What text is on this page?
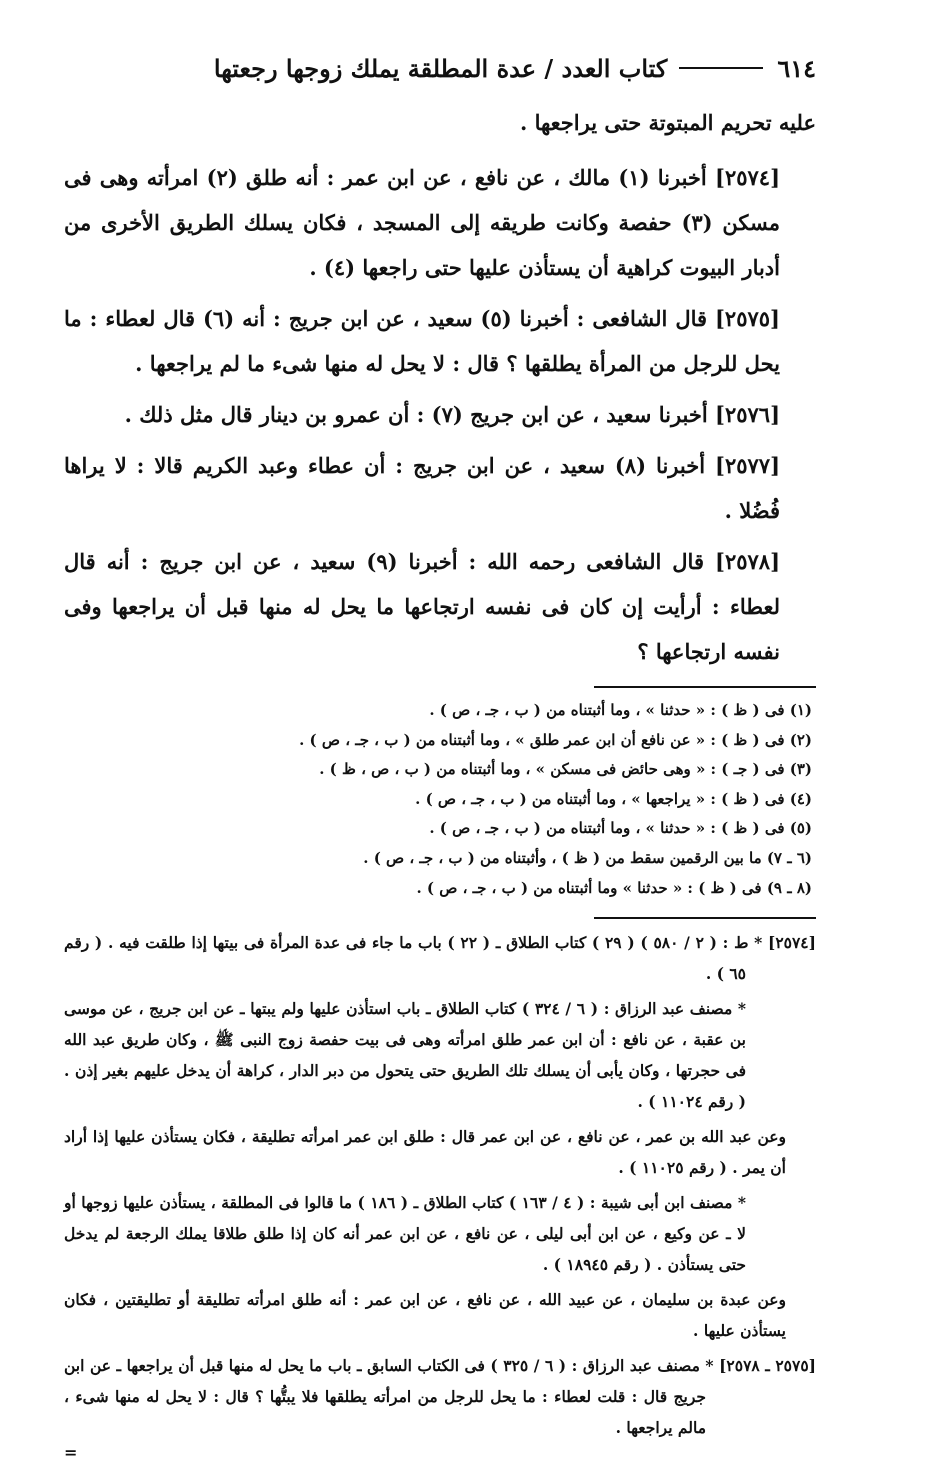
٦١٤
كتاب العدد / عدة المطلقة يملك زوجها رجعتها

عليه تحريم المبتوتة حتى يراجعها .

[٢٥٧٤] أخبرنا (١) مالك ، عن نافع ، عن ابن عمر : أنه طلق (٢) امرأته وهى فى مسكن (٣) حفصة وكانت طريقه إلى المسجد ، فكان يسلك الطريق الأخرى من أدبار البيوت كراهية أن يستأذن عليها حتى راجعها (٤) .

[٢٥٧٥] قال الشافعى : أخبرنا (٥) سعيد ، عن ابن جريج : أنه (٦) قال لعطاء : ما يحل للرجل من المرأة يطلقها ؟ قال : لا يحل له منها شىء ما لم يراجعها .

[٢٥٧٦] أخبرنا سعيد ، عن ابن جريج (٧) : أن عمرو بن دينار قال مثل ذلك .

[٢٥٧٧] أخبرنا (٨) سعيد ، عن ابن جريج : أن عطاء وعبد الكريم قالا : لا يراها فُضُلا .

[٢٥٧٨] قال الشافعى رحمه الله : أخبرنا (٩) سعيد ، عن ابن جريج : أنه قال لعطاء : أرأيت إن كان فى نفسه ارتجاعها ما يحل له منها قبل أن يراجعها وفى نفسه ارتجاعها ؟

(١) فى ( ظ ) : « حدثنا » ، وما أثبتناه من ( ب ، جـ ، ص ) .
(٢) فى ( ظ ) : « عن نافع أن ابن عمر طلق » ، وما أثبتناه من ( ب ، جـ ، ص ) .
(٣) فى ( جـ ) : « وهى حائض فى مسكن » ، وما أثبتناه من ( ب ، ص ، ظ ) .
(٤) فى ( ظ ) : « يراجعها » ، وما أثبتناه من ( ب ، جـ ، ص ) .
(٥) فى ( ظ ) : « حدثنا » ، وما أثبتناه من ( ب ، جـ ، ص ) .
(٦ ـ ٧) ما بين الرقمين سقط من ( ظ ) ، وأثبتناه من ( ب ، جـ ، ص ) .
(٨ ـ ٩) فى ( ظ ) : « حدثنا » وما أثبتناه من ( ب ، جـ ، ص ) .

[٢٥٧٤] * ط : ( ٢ / ٥٨٠ ) ( ٢٩ ) كتاب الطلاق ـ ( ٢٢ ) باب ما جاء فى عدة المرأة فى بيتها إذا طلقت فيه . ( رقم ٦٥ ) .

* مصنف عبد الرزاق : ( ٦ / ٣٢٤ ) كتاب الطلاق ـ باب استأذن عليها ولم يبتها ـ عن ابن جريج ، عن موسى بن عقبة ، عن نافع : أن ابن عمر طلق امرأته وهى فى بيت حفصة زوج النبى ﷺ ، وكان طريق عبد الله فى حجرتها ، وكان يأبى أن يسلك تلك الطريق حتى يتحول من دبر الدار ، كراهة أن يدخل عليهم بغير إذن . ( رقم ١١٠٢٤ ) .

وعن عبد الله بن عمر ، عن نافع ، عن ابن عمر قال : طلق ابن عمر امرأته تطليقة ، فكان يستأذن عليها إذا أراد أن يمر . ( رقم ١١٠٢٥ ) .

* مصنف ابن أبى شيبة : ( ٤ / ١٦٣ ) كتاب الطلاق ـ ( ١٨٦ ) ما قالوا فى المطلقة ، يستأذن عليها زوجها أو لا ـ عن وكيع ، عن ابن أبى ليلى ، عن نافع ، عن ابن عمر أنه كان إذا طلق طلاقا يملك الرجعة لم يدخل حتى يستأذن . ( رقم ١٨٩٤٥ ) .

وعن عبدة بن سليمان ، عن عبيد الله ، عن نافع ، عن ابن عمر : أنه طلق امرأته تطليقة أو تطليقتين ، فكان يستأذن عليها .

[٢٥٧٥ ـ ٢٥٧٨] * مصنف عبد الرزاق : ( ٦ / ٣٢٥ ) فى الكتاب السابق ـ باب ما يحل له منها قبل أن يراجعها ـ عن ابن جريج قال : قلت لعطاء : ما يحل للرجل من امرأته يطلقها فلا يبتُّها ؟ قال : لا يحل له منها شىء ، مالم يراجعها .

=
